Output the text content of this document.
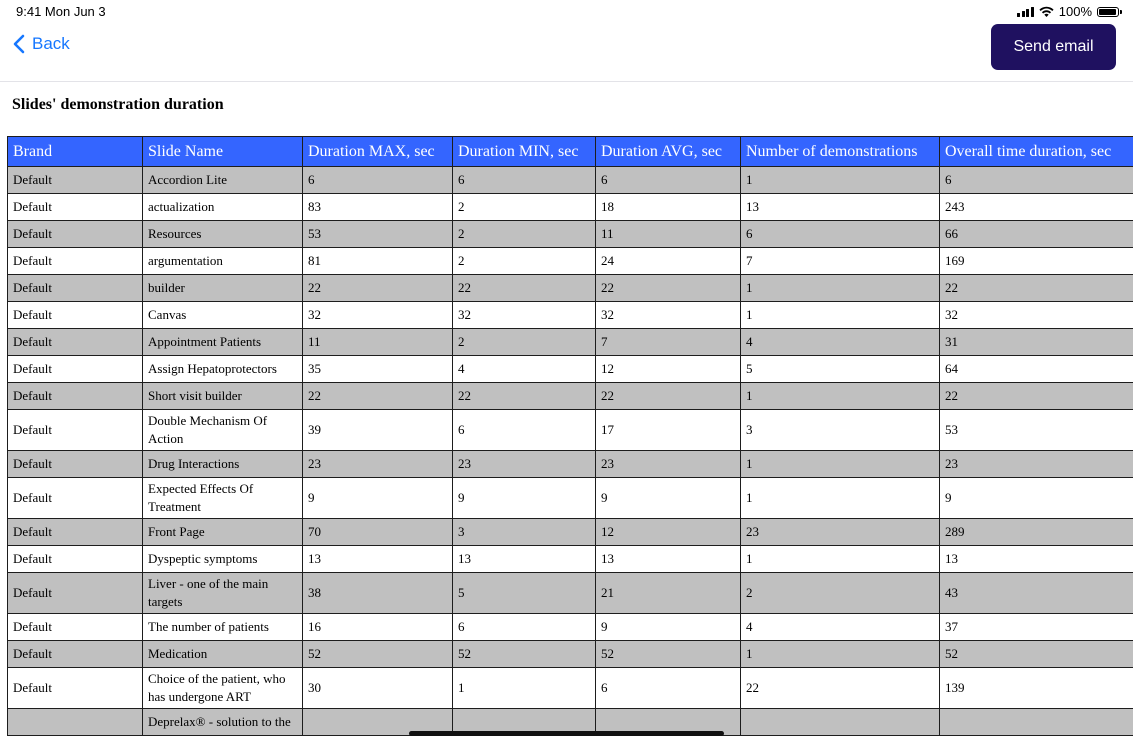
9:41 Mon Jun 3	100%
Back	Send email
Slides' demonstration duration
Brand	Slide Name	Duration MAX, sec	Duration MIN, sec	Duration AVG, sec	Number of demonstrations	Overall time duration, sec
Default	Accordion Lite	6	6	6	1	6
Default	actualization	83	2	18	13	243
Default	Resources	53	2	11	6	66
Default	argumentation	81	2	24	7	169
Default	builder	22	22	22	1	22
Default	Canvas	32	32	32	1	32
Default	Appointment Patients	11	2	7	4	31
Default	Assign Hepatoprotectors	35	4	12	5	64
Default	Short visit builder	22	22	22	1	22
Default	Double Mechanism Of Action	39	6	17	3	53
Default	Drug Interactions	23	23	23	1	23
Default	Expected Effects Of Treatment	9	9	9	1	9
Default	Front Page	70	3	12	23	289
Default	Dyspeptic symptoms	13	13	13	1	13
Default	Liver - one of the main targets	38	5	21	2	43
Default	The number of patients	16	6	9	4	37
Default	Medication	52	52	52	1	52
Default	Choice of the patient, who has undergone ART	30	1	6	22	139
	Deprelax® - solution to the					
